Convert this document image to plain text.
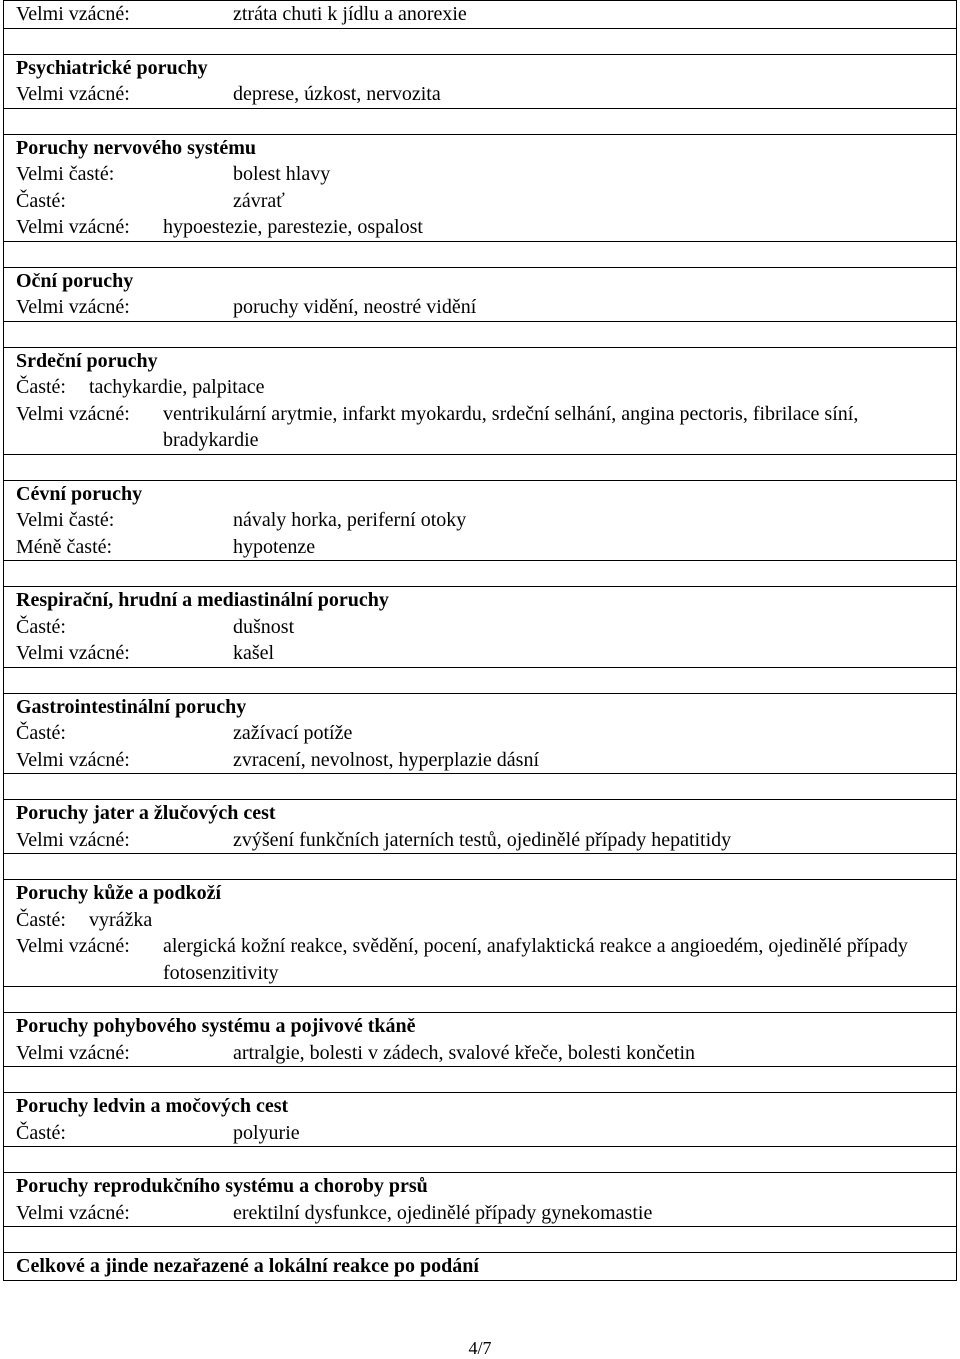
Velmi vzácné:	ztráta chuti k jídlu a anorexie

Psychiatrické poruchy
Velmi vzácné:	deprese, úzkost, nervozita

Poruchy nervového systému
Velmi časté:	bolest hlavy
Časté:	závrať
Velmi vzácné: hypoestezie, parestezie, ospalost

Oční poruchy
Velmi vzácné:	poruchy vidění, neostré vidění

Srdeční poruchy
Časté: tachykardie, palpitace
Velmi vzácné: ventrikulární arytmie, infarkt myokardu, srdeční selhání, angina pectoris, fibrilace síní, bradykardie

Cévní poruchy
Velmi časté:	návaly horka, periferní otoky
Méně časté:	hypotenze

Respirační, hrudní a mediastinální poruchy
Časté:	dušnost
Velmi vzácné:	kašel

Gastrointestinální poruchy
Časté:	zažívací potíže
Velmi vzácné:	zvracení, nevolnost, hyperplazie dásní

Poruchy jater a žlučových cest
Velmi vzácné:	zvýšení funkčních jaterních testů, ojedinělé případy hepatitidy

Poruchy kůže a podkoží
Časté: vyrážka
Velmi vzácné: alergická kožní reakce, svědění, pocení, anafylaktická reakce a angioedém, ojedinělé případy fotosenzitivity

Poruchy pohybového systému a pojivové tkáně
Velmi vzácné:	artralgie, bolesti v zádech, svalové křeče, bolesti končetin

Poruchy ledvin a močových cest
Časté:	polyurie

Poruchy reprodukčního systému a choroby prsů
Velmi vzácné:	erektilní dysfunkce, ojedinělé případy gynekomastie

Celkové a jinde nezařazené a lokální reakce po podání
4/7
